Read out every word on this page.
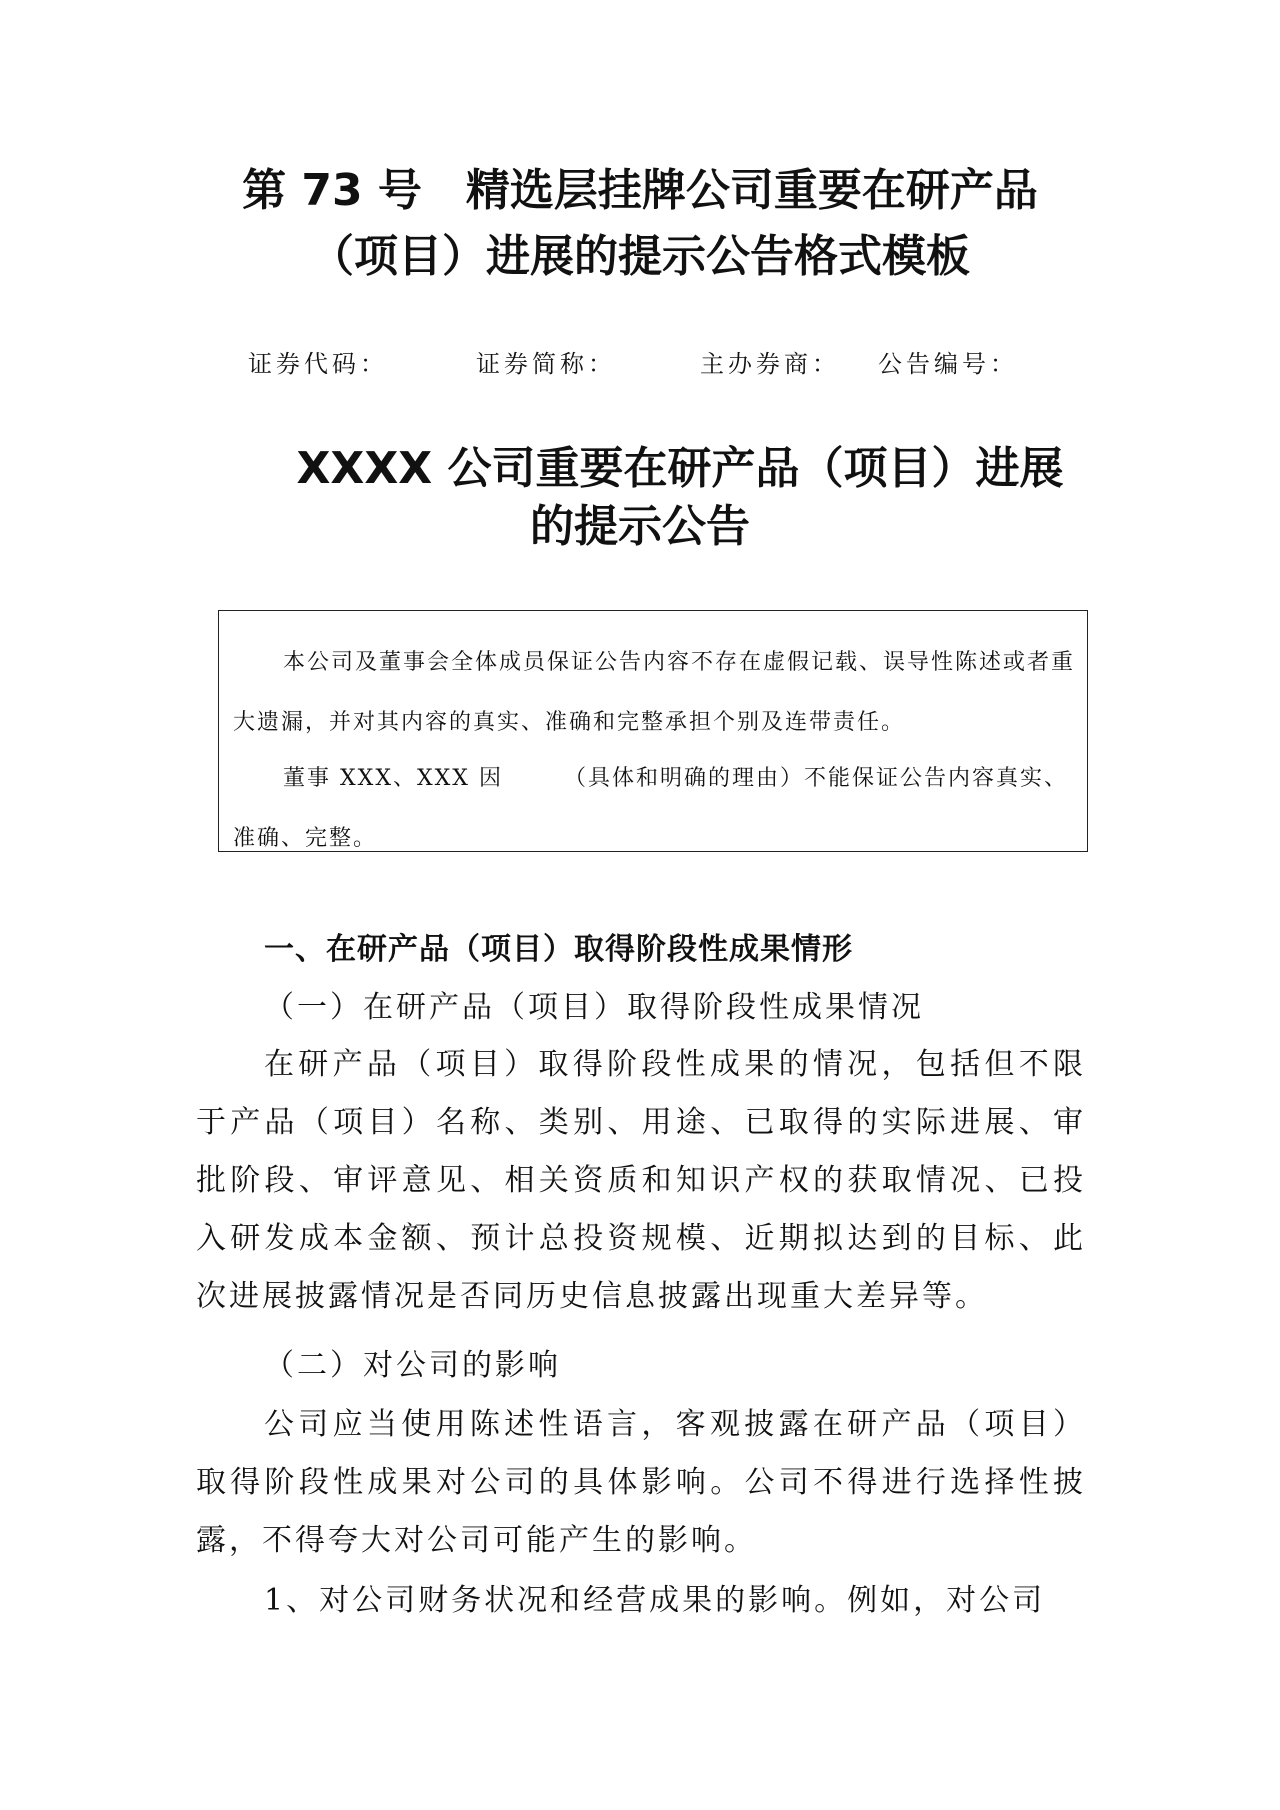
第 73 号　精选层挂牌公司重要在研产品
（项目）进展的提示公告格式模板
证券代码：	证券简称：	主办券商： 公告编号：
XXXX 公司重要在研产品（项目）进展
的提示公告

本公司及董事会全体成员保证公告内容不存在虚假记载、误导性陈述或者重大遗漏，并对其内容的真实、准确和完整承担个别及连带责任。

董事 XXX、XXX 因　　　（具体和明确的理由）不能保证公告内容真实、准确、完整。

一、在研产品（项目）取得阶段性成果情形
（一）在研产品（项目）取得阶段性成果情况

在研产品（项目）取得阶段性成果的情况，包括但不限于产品（项目）名称、类别、用途、已取得的实际进展、审批阶段、审评意见、相关资质和知识产权的获取情况、已投入研发成本金额、预计总投资规模、近期拟达到的目标、此次进展披露情况是否同历史信息披露出现重大差异等。

（二）对公司的影响

公司应当使用陈述性语言，客观披露在研产品（项目）取得阶段性成果对公司的具体影响。公司不得进行选择性披露，不得夸大对公司可能产生的影响。

1、对公司财务状况和经营成果的影响。例如，对公司
